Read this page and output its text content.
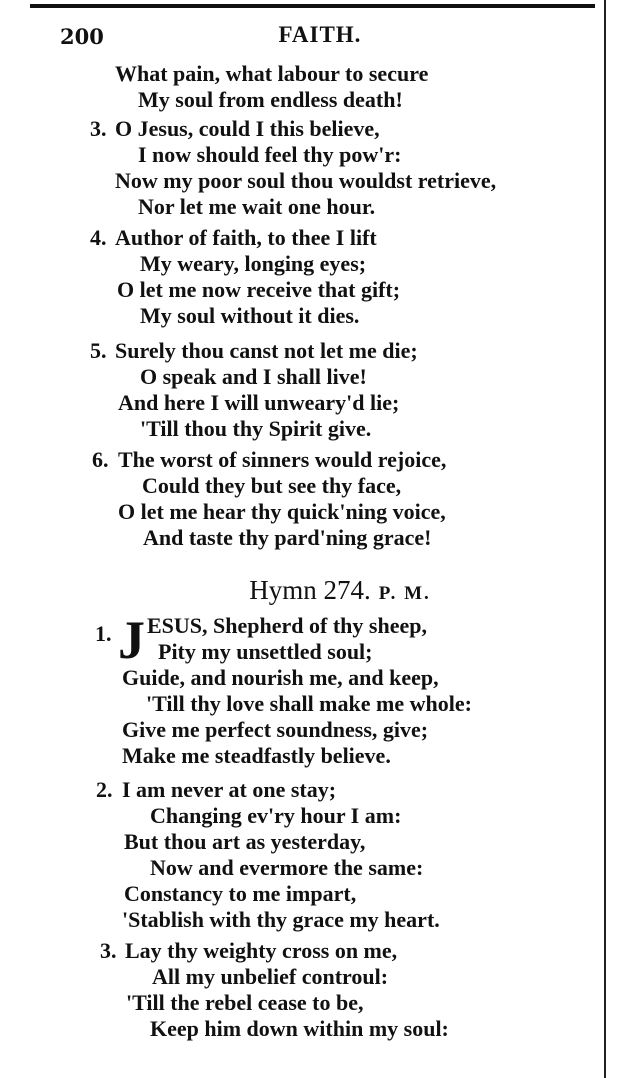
200	FAITH.
What pain, what labour to secure
My soul from endless death!
3. O Jesus, could I this believe,
I now should feel thy pow'r:
Now my poor soul thou wouldst retrieve,
Nor let me wait one hour.
4. Author of faith, to thee I lift
My weary, longing eyes;
O let me now receive that gift;
My soul without it dies.
5. Surely thou canst not let me die;
O speak and I shall live!
And here I will unweary'd lie;
'Till thou thy Spirit give.
6. The worst of sinners would rejoice,
Could they but see thy face,
O let me hear thy quick'ning voice,
And taste thy pard'ning grace!
Hymn 274. P. M.
1. J ESUS, Shepherd of thy sheep,
Pity my unsettled soul;
Guide, and nourish me, and keep,
'Till thy love shall make me whole:
Give me perfect soundness, give;
Make me steadfastly believe.
2. I am never at one stay;
Changing ev'ry hour I am:
But thou art as yesterday,
Now and evermore the same:
Constancy to me impart,
'Stablish with thy grace my heart.
3. Lay thy weighty cross on me,
All my unbelief controul:
'Till the rebel cease to be,
Keep him down within my soul:
